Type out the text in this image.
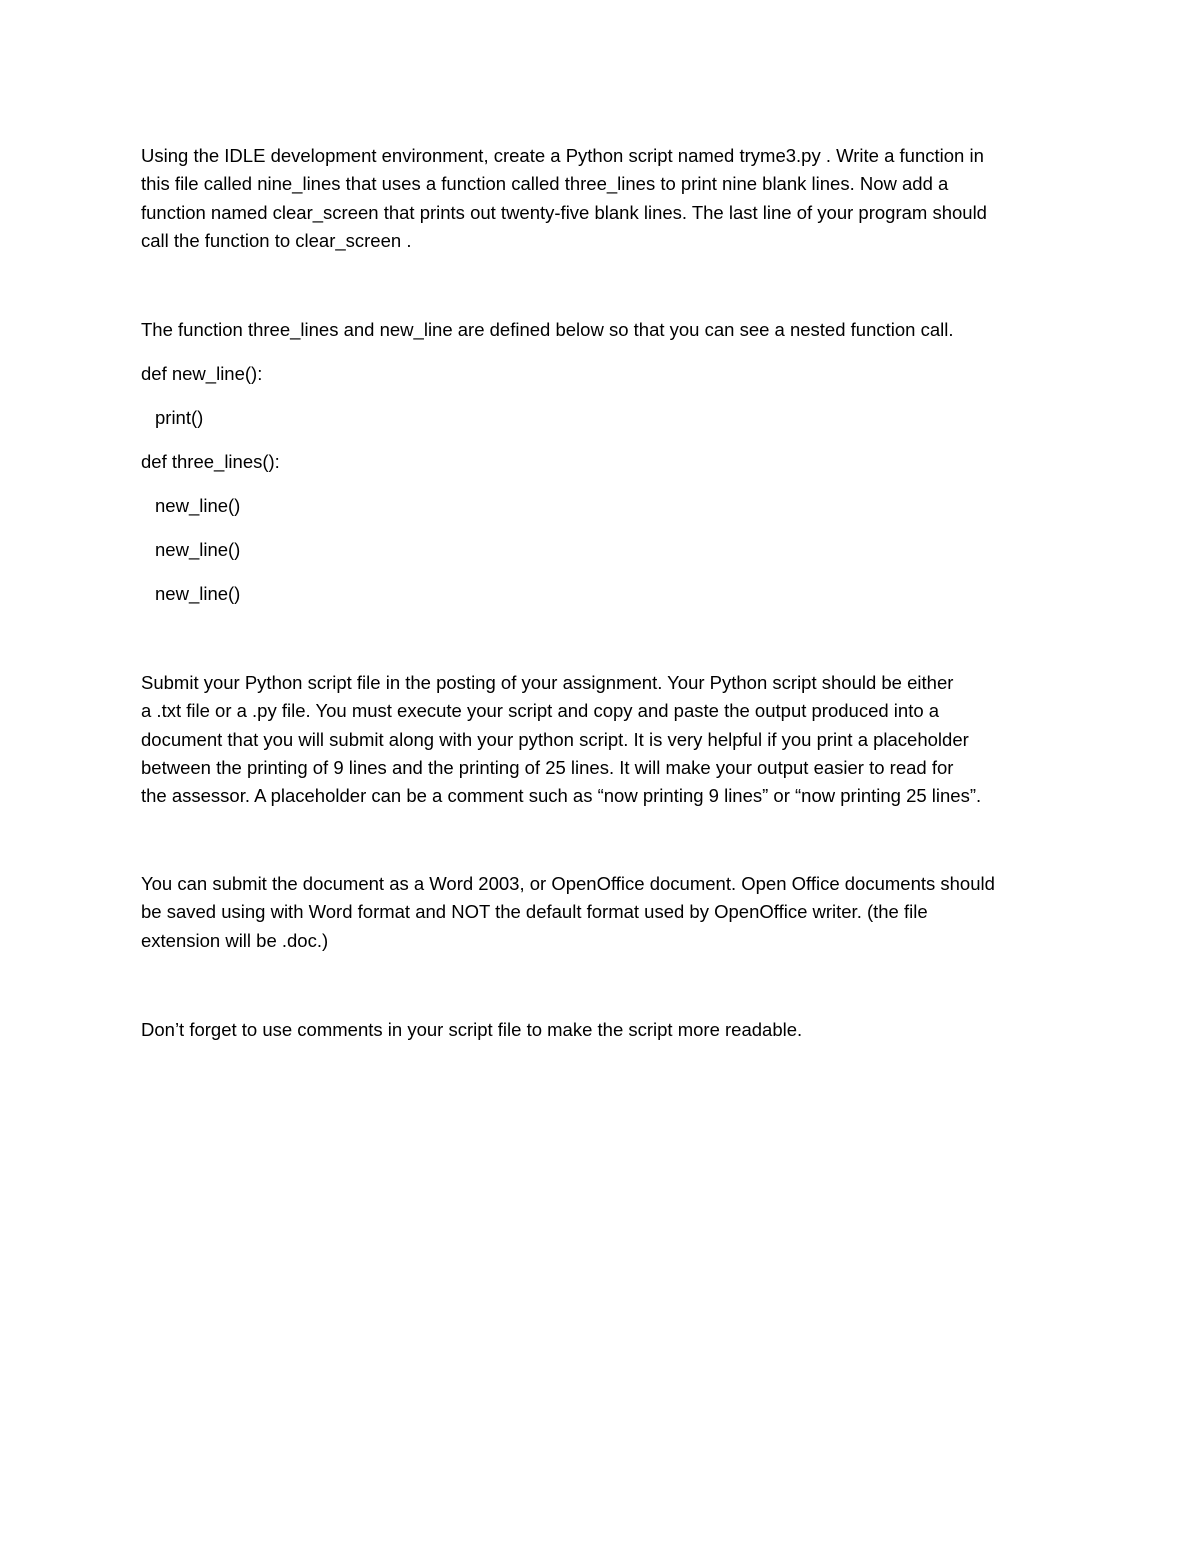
Using the IDLE development environment, create a Python script named tryme3.py . Write a function in
this file called nine_lines that uses a function called three_lines to print nine blank lines. Now add a
function named clear_screen that prints out twenty-five blank lines. The last line of your program should
call the function to clear_screen .

The function three_lines and new_line are defined below so that you can see a nested function call.

def new_line():

print()

def three_lines():

new_line()

new_line()

new_line()

Submit your Python script file in the posting of your assignment. Your Python script should be either
a .txt file or a .py file. You must execute your script and copy and paste the output produced into a
document that you will submit along with your python script. It is very helpful if you print a placeholder
between the printing of 9 lines and the printing of 25 lines. It will make your output easier to read for
the assessor. A placeholder can be a comment such as “now printing 9 lines” or “now printing 25 lines”.

You can submit the document as a Word 2003, or OpenOffice document. Open Office documents should
be saved using with Word format and NOT the default format used by OpenOffice writer. (the file
extension will be .doc.)

Don’t forget to use comments in your script file to make the script more readable.
